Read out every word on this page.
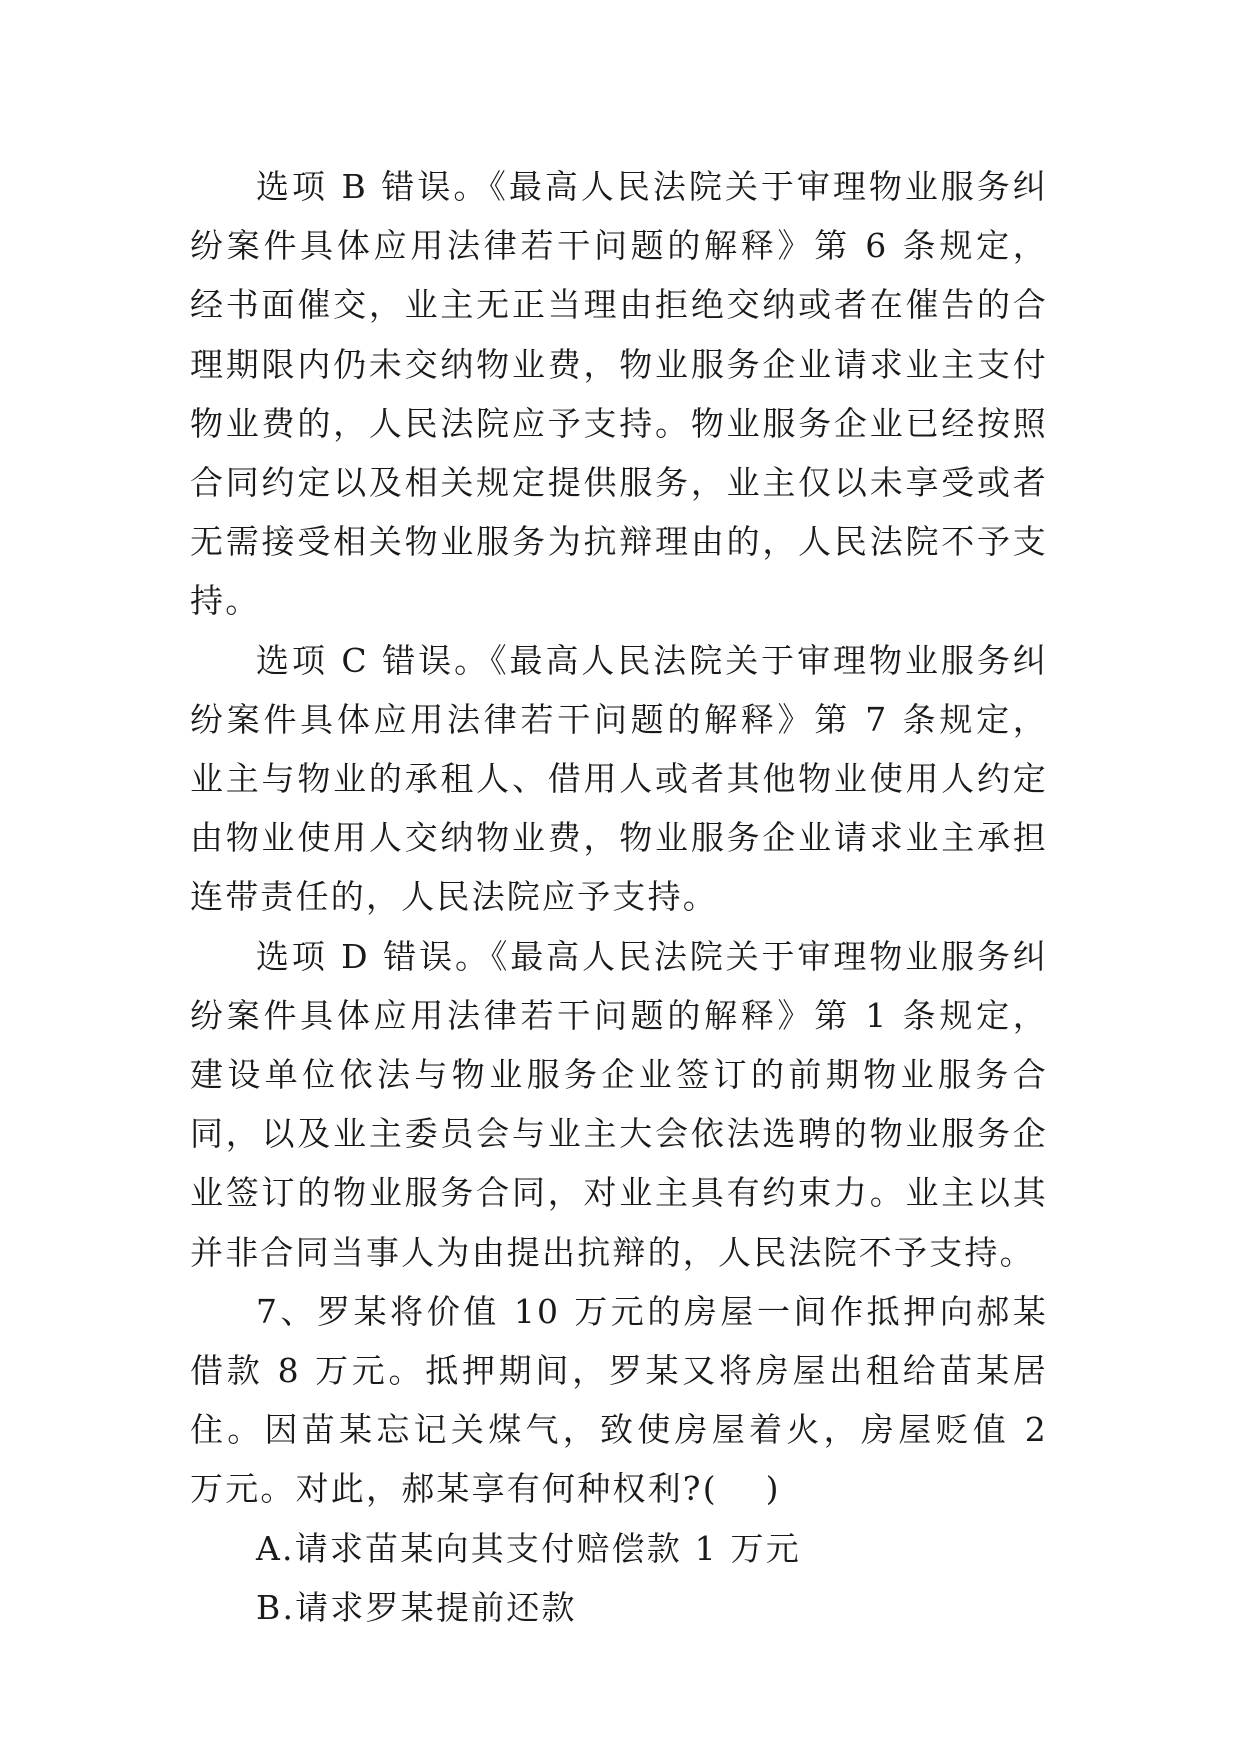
选项 B 错误。《最高人民法院关于审理物业服务纠纷案件具体应用法律若干问题的解释》第 6 条规定，经书面催交，业主无正当理由拒绝交纳或者在催告的合理期限内仍未交纳物业费，物业服务企业请求业主支付物业费的，人民法院应予支持。物业服务企业已经按照合同约定以及相关规定提供服务，业主仅以未享受或者无需接受相关物业服务为抗辩理由的，人民法院不予支持。

选项 C 错误。《最高人民法院关于审理物业服务纠纷案件具体应用法律若干问题的解释》第 7 条规定，业主与物业的承租人、借用人或者其他物业使用人约定由物业使用人交纳物业费，物业服务企业请求业主承担连带责任的，人民法院应予支持。

选项 D 错误。《最高人民法院关于审理物业服务纠纷案件具体应用法律若干问题的解释》第 1 条规定，建设单位依法与物业服务企业签订的前期物业服务合同，以及业主委员会与业主大会依法选聘的物业服务企业签订的物业服务合同，对业主具有约束力。业主以其并非合同当事人为由提出抗辩的，人民法院不予支持。

7、罗某将价值 10 万元的房屋一间作抵押向郝某借款 8 万元。抵押期间，罗某又将房屋出租给苗某居住。因苗某忘记关煤气，致使房屋着火，房屋贬值 2 万元。对此，郝某享有何种权利?(　 )

A.请求苗某向其支付赔偿款 1 万元

B.请求罗某提前还款
